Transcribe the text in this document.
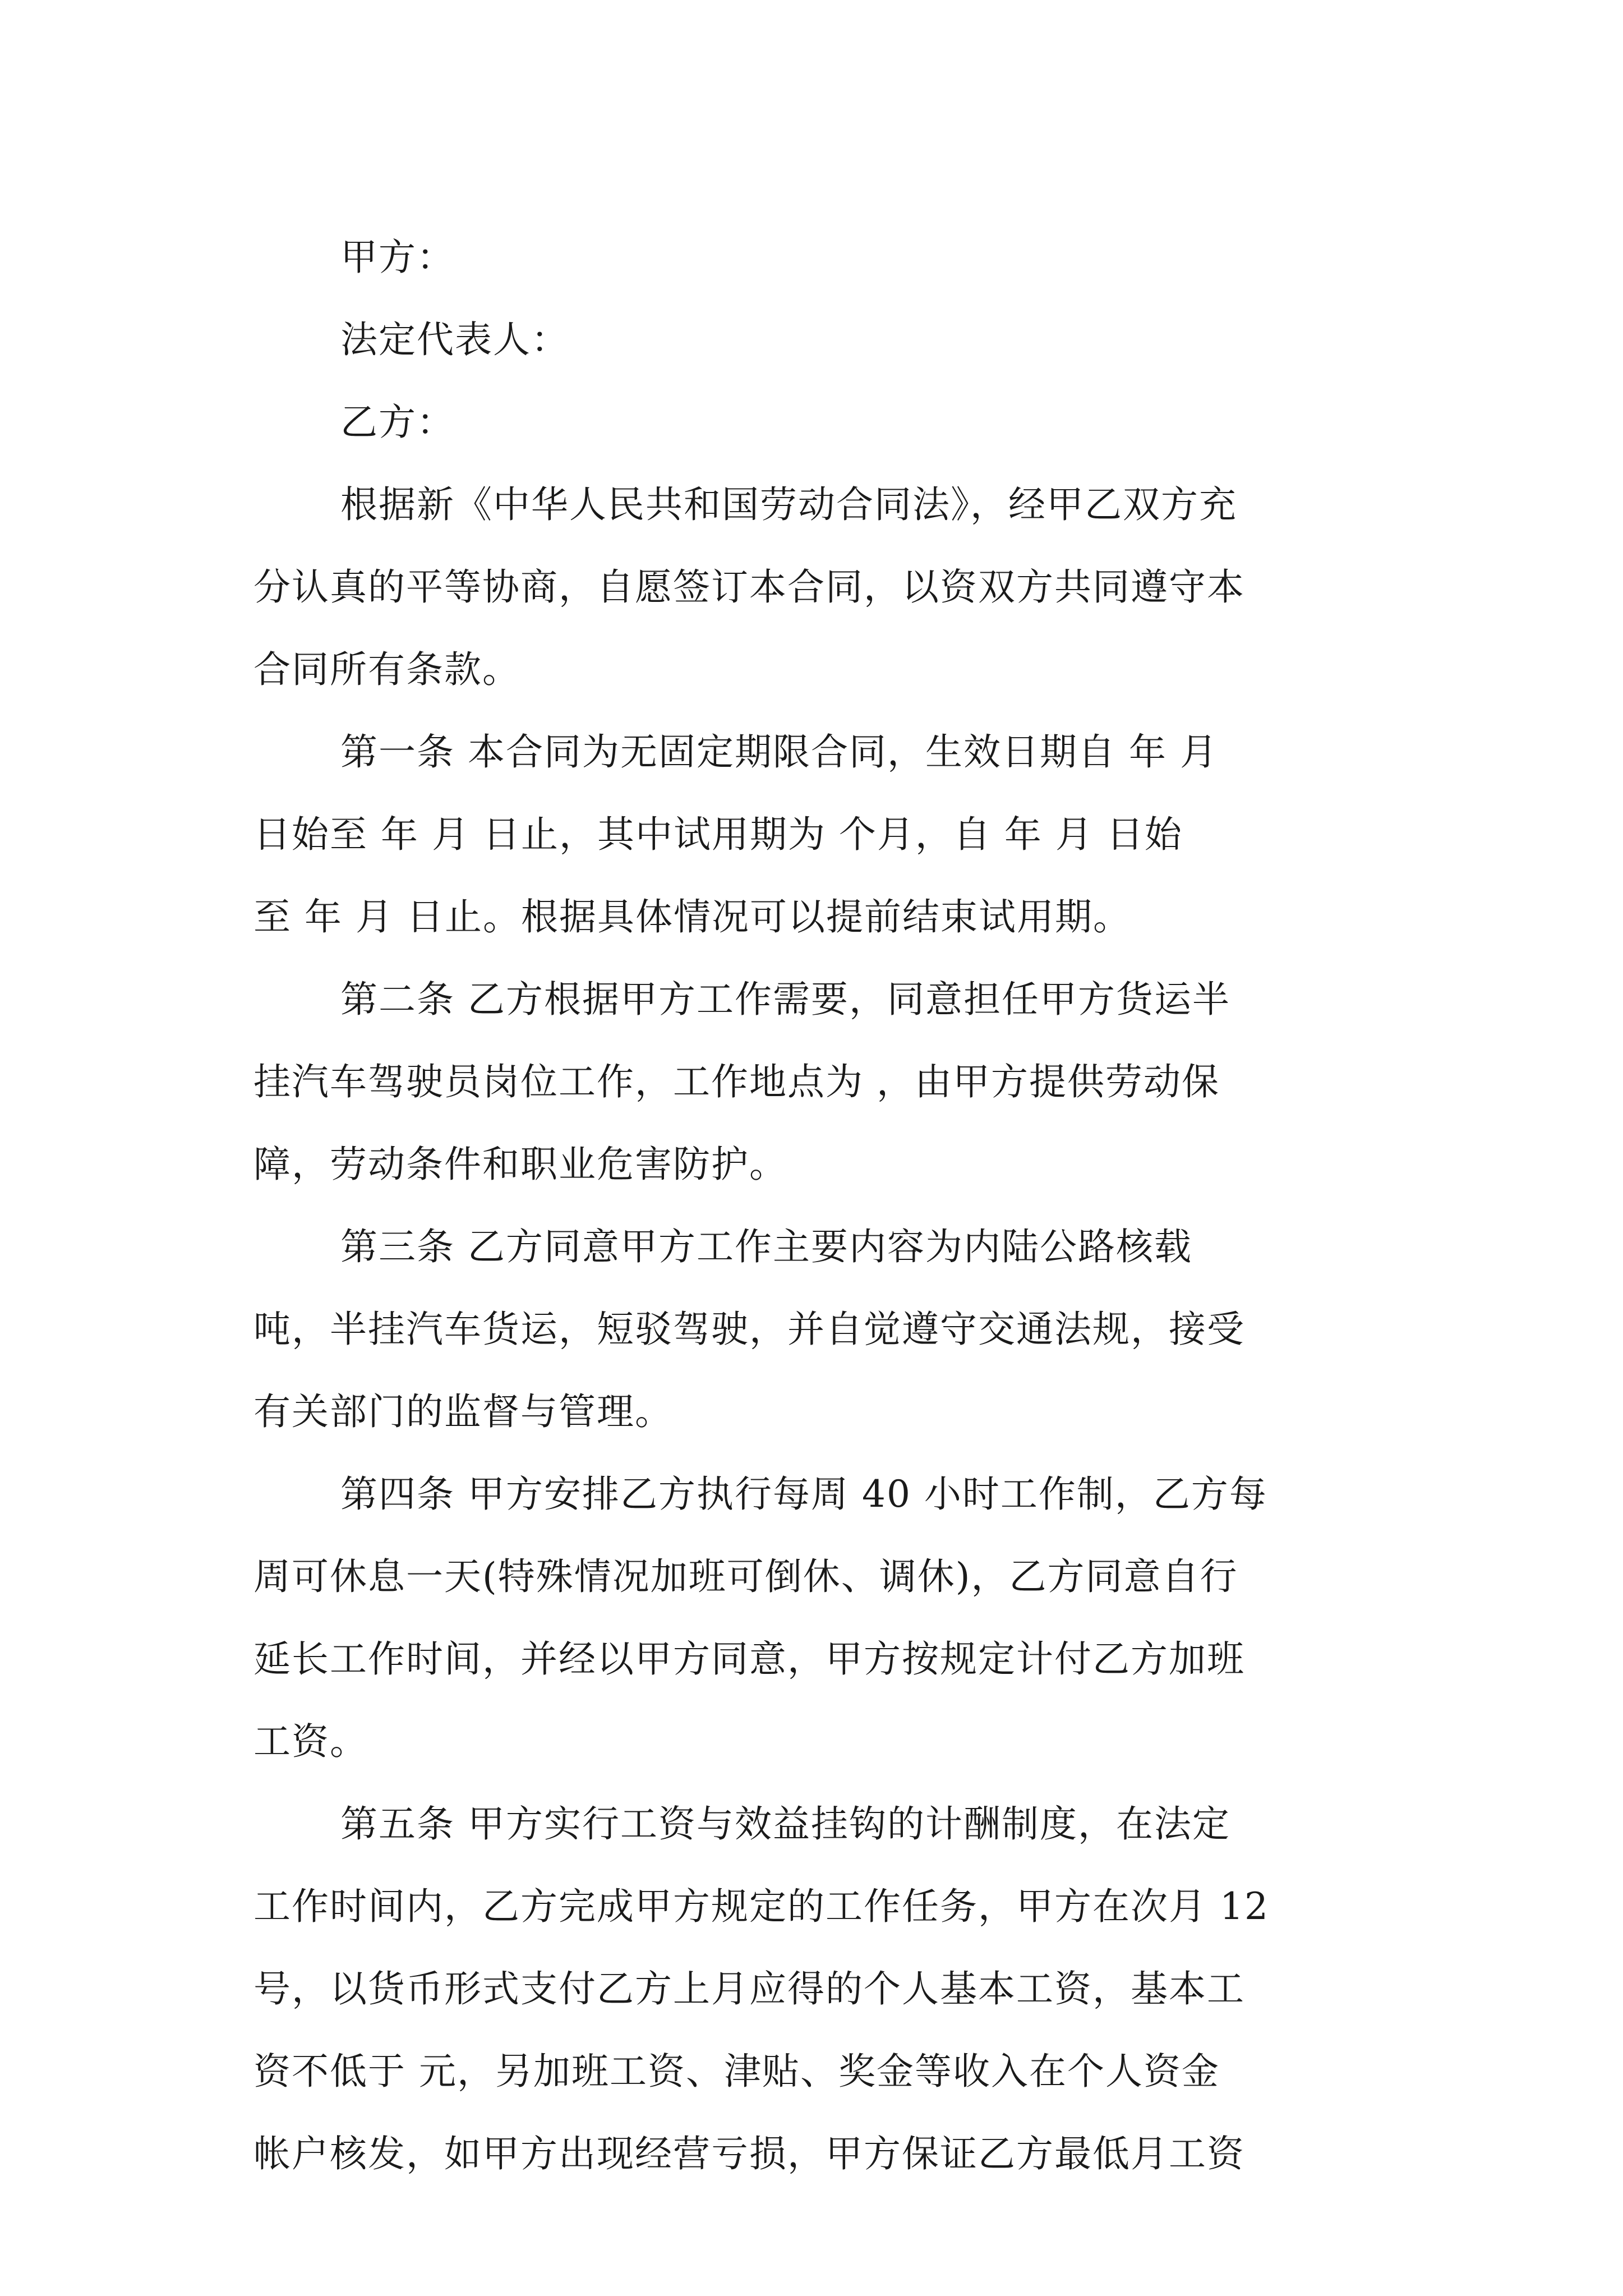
甲方：
法定代表人：
乙方：
根据新《中华人民共和国劳动合同法》，经甲乙双方充
分认真的平等协商，自愿签订本合同，以资双方共同遵守本
合同所有条款。
第一条 本合同为无固定期限合同，生效日期自 年 月
日始至 年 月 日止，其中试用期为 个月，自 年 月 日始
至 年 月 日止。根据具体情况可以提前结束试用期。
第二条 乙方根据甲方工作需要，同意担任甲方货运半
挂汽车驾驶员岗位工作，工作地点为 ，由甲方提供劳动保
障，劳动条件和职业危害防护。
第三条 乙方同意甲方工作主要内容为内陆公路核载
吨，半挂汽车货运，短驳驾驶，并自觉遵守交通法规，接受
有关部门的监督与管理。
第四条 甲方安排乙方执行每周 40 小时工作制，乙方每
周可休息一天(特殊情况加班可倒休、调休)，乙方同意自行
延长工作时间，并经以甲方同意，甲方按规定计付乙方加班
工资。
第五条 甲方实行工资与效益挂钩的计酬制度，在法定
工作时间内，乙方完成甲方规定的工作任务，甲方在次月 12
号，以货币形式支付乙方上月应得的个人基本工资，基本工
资不低于 元，另加班工资、津贴、奖金等收入在个人资金
帐户核发，如甲方出现经营亏损，甲方保证乙方最低月工资
